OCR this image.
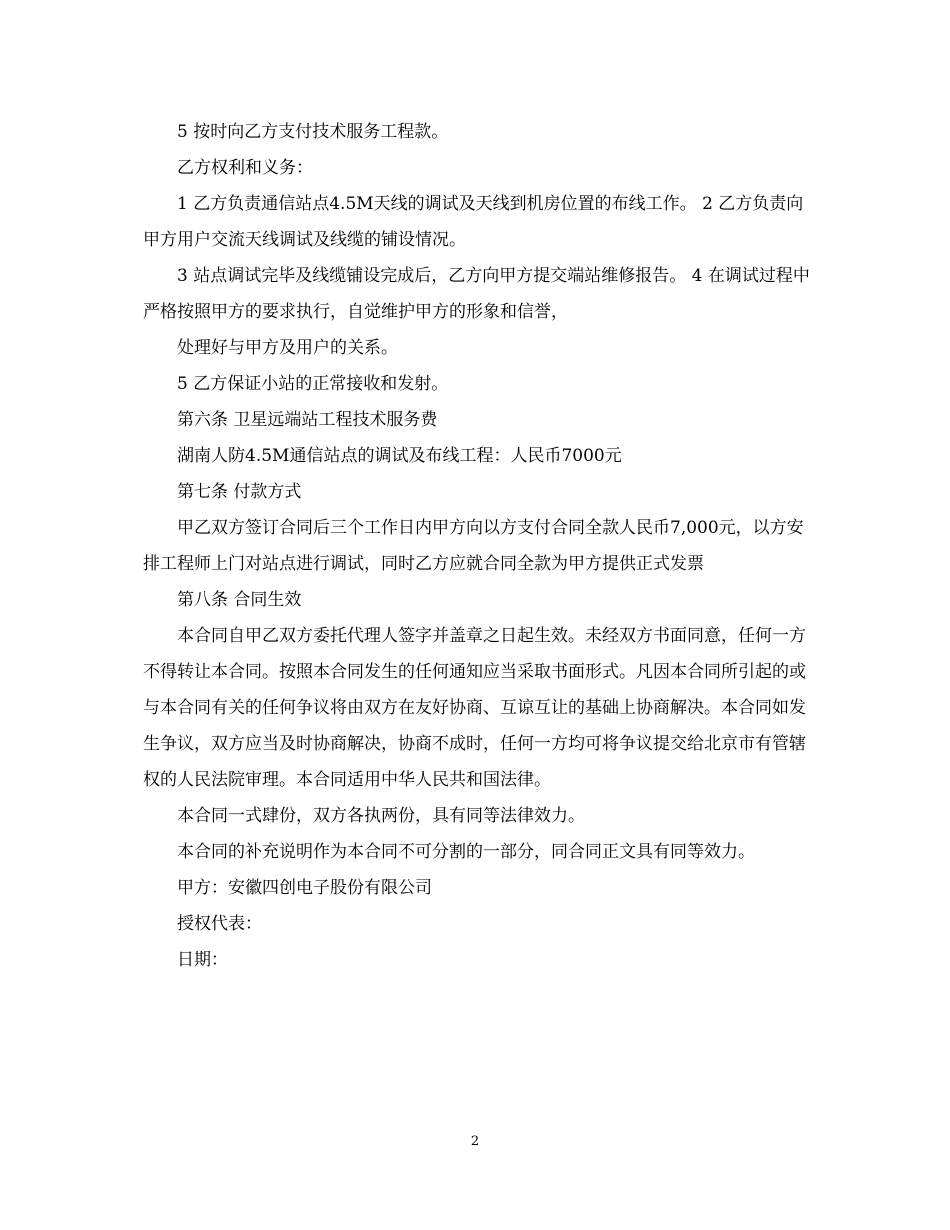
5 按时向乙方支付技术服务工程款。

乙方权利和义务：

1 乙方负责通信站点4.5M天线的调试及天线到机房位置的布线工作。 2 乙方负责向甲方用户交流天线调试及线缆的铺设情况。

3 站点调试完毕及线缆铺设完成后，乙方向甲方提交端站维修报告。 4 在调试过程中严格按照甲方的要求执行，自觉维护甲方的形象和信誉，

处理好与甲方及用户的关系。

5 乙方保证小站的正常接收和发射。

第六条 卫星远端站工程技术服务费

湖南人防4.5M通信站点的调试及布线工程：人民币7000元

第七条 付款方式

甲乙双方签订合同后三个工作日内甲方向以方支付合同全款人民币7,000元，以方安排工程师上门对站点进行调试，同时乙方应就合同全款为甲方提供正式发票

第八条 合同生效

本合同自甲乙双方委托代理人签字并盖章之日起生效。未经双方书面同意，任何一方不得转让本合同。按照本合同发生的任何通知应当采取书面形式。凡因本合同所引起的或与本合同有关的任何争议将由双方在友好协商、互谅互让的基础上协商解决。本合同如发生争议，双方应当及时协商解决，协商不成时，任何一方均可将争议提交给北京市有管辖权的人民法院审理。本合同适用中华人民共和国法律。

本合同一式肆份，双方各执两份，具有同等法律效力。

本合同的补充说明作为本合同不可分割的一部分，同合同正文具有同等效力。

甲方：安徽四创电子股份有限公司

授权代表：

日期：

2
